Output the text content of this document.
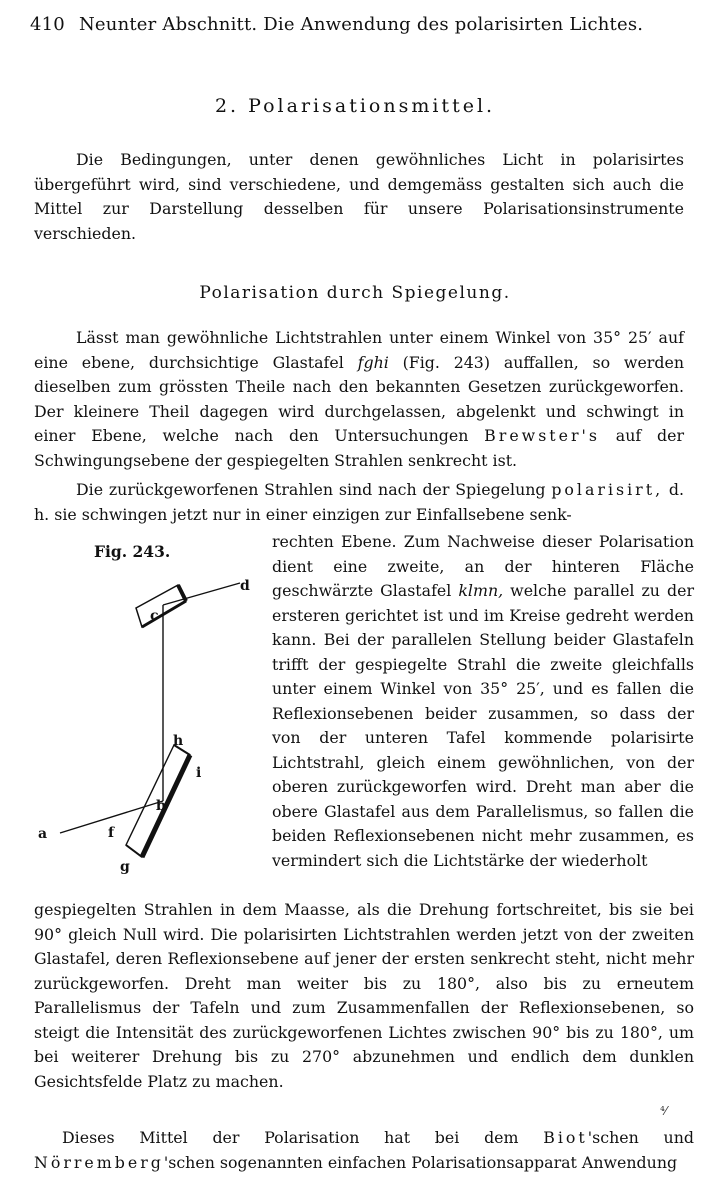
410 Neunter Abschnitt. Die Anwendung des polarisirten Lichtes.
2. Polarisationsmittel.

Die Bedingungen, unter denen gewöhnliches Licht in polarisirtes übergeführt wird, sind verschiedene, und demgemäss gestalten sich auch die Mittel zur Darstellung desselben für unsere Polarisationsinstrumente verschieden.

Polarisation durch Spiegelung.

Lässt man gewöhnliche Lichtstrahlen unter einem Winkel von 35° 25′ auf eine ebene, durchsichtige Glastafel fghi (Fig. 243) auffallen, so werden dieselben zum grössten Theile nach den bekannten Gesetzen zurückgeworfen. Der kleinere Theil dagegen wird durchgelassen, abgelenkt und schwingt in einer Ebene, welche nach den Untersuchungen Brewster's auf der Schwingungsebene der gespiegelten Strahlen senkrecht ist.

Die zurückgeworfenen Strahlen sind nach der Spiegelung polarisirt, d. h. sie schwingen jetzt nur in einer einzigen zur Einfallsebene senk-

Fig. 243.
a
b
c
d
f
g
h
i

rechten Ebene. Zum Nachweise dieser Polarisation dient eine zweite, an der hinteren Fläche geschwärzte Glastafel klmn, welche parallel zu der ersteren gerichtet ist und im Kreise gedreht werden kann. Bei der parallelen Stellung beider Glastafeln trifft der gespiegelte Strahl die zweite gleichfalls unter einem Winkel von 35° 25′, und es fallen die Reflexionsebenen beider zusammen, so dass der von der unteren Tafel kommende polarisirte Lichtstrahl, gleich einem gewöhnlichen, von der oberen zurückgeworfen wird. Dreht man aber die obere Glastafel aus dem Parallelismus, so fallen die beiden Reflexionsebenen nicht mehr zusammen, es vermindert sich die Lichtstärke der wiederholt

gespiegelten Strahlen in dem Maasse, als die Drehung fortschreitet, bis sie bei 90° gleich Null wird. Die polarisirten Lichtstrahlen werden jetzt von der zweiten Glastafel, deren Reflexionsebene auf jener der ersten senkrecht steht, nicht mehr zurückgeworfen. Dreht man weiter bis zu 180°, also bis zu erneutem Parallelismus der Tafeln und zum Zusammenfallen der Reflexionsebenen, so steigt die Intensität des zurückgeworfenen Lichtes zwischen 90° bis zu 180°, um bei weiterer Drehung bis zu 270° abzunehmen und endlich dem dunklen Gesichtsfelde Platz zu machen.

⁴⁄

Dieses Mittel der Polarisation hat bei dem Biot'schen und Nörremberg'schen sogenannten einfachen Polarisationsapparat Anwendung
